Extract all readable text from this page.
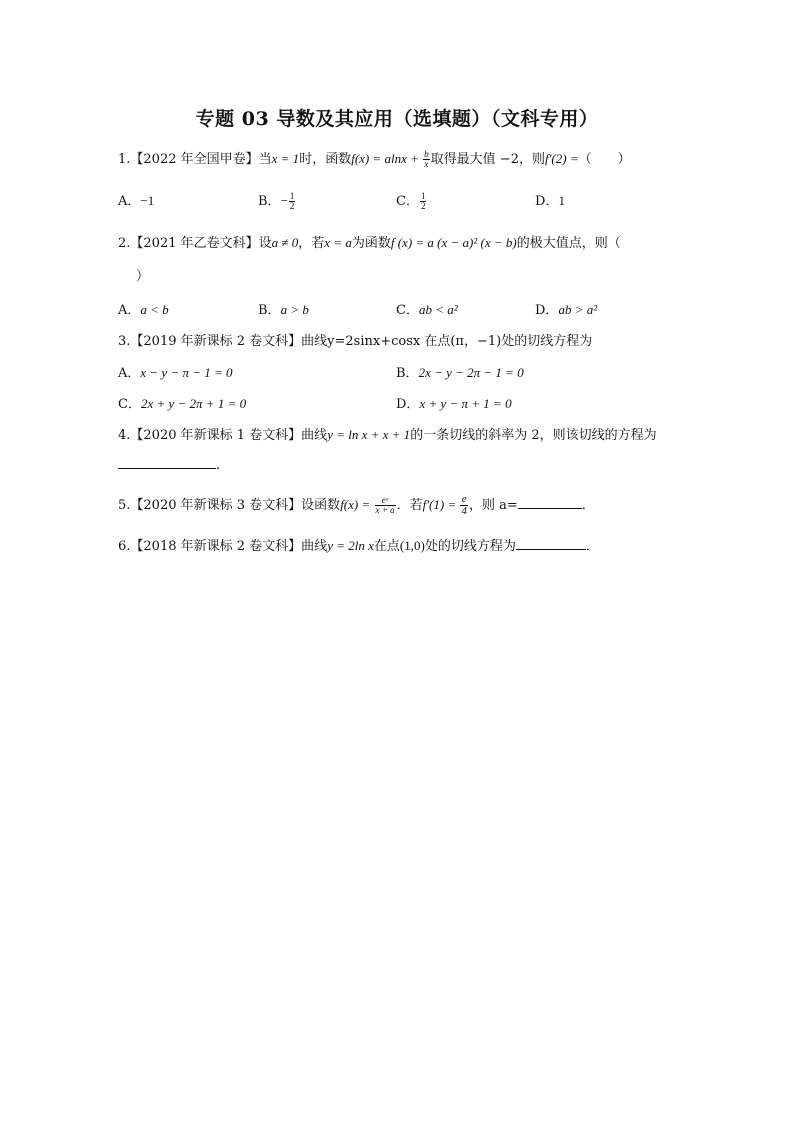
专题 03 导数及其应用（选填题）（文科专用）
1.【2022 年全国甲卷】当x = 1时，函数$f(x) = alnx + \frac{b}{x}$ 取得最大值 −2，则f′(2) =（　　）
A．−1	B．− $\frac{1}{2}$	C． $\frac{1}{2}$	D．1
2.【2021 年乙卷文科】设a ≠ 0，若x = a为函数f (x) = a (x − a)² (x − b)的极大值点，则（
）
A．a < b	B．a > b	C．ab < a²	D．ab > a²
3.【2019 年新课标 2 卷文科】曲线y=2sinx+cosx 在点(π，−1)处的切线方程为
A．x − y − π − 1 = 0	B．2x − y − 2π − 1 = 0
C．2x + y − 2π + 1 = 0	D．x + y − π + 1 = 0
4.【2020 年新课标 1 卷文科】曲线y = ln x + x + 1的一条切线的斜率为 2，则该切线的方程为
.
5.【2020 年新课标 3 卷文科】设函数$f(x) = \frac{\text{eˣ}}{x + a}$ ．若$f'(1) = \frac{e}{4}$ ，则 a=	．
6.【2018 年新课标 2 卷文科】曲线y = 2ln x在点(1,0)处的切线方程为	．
